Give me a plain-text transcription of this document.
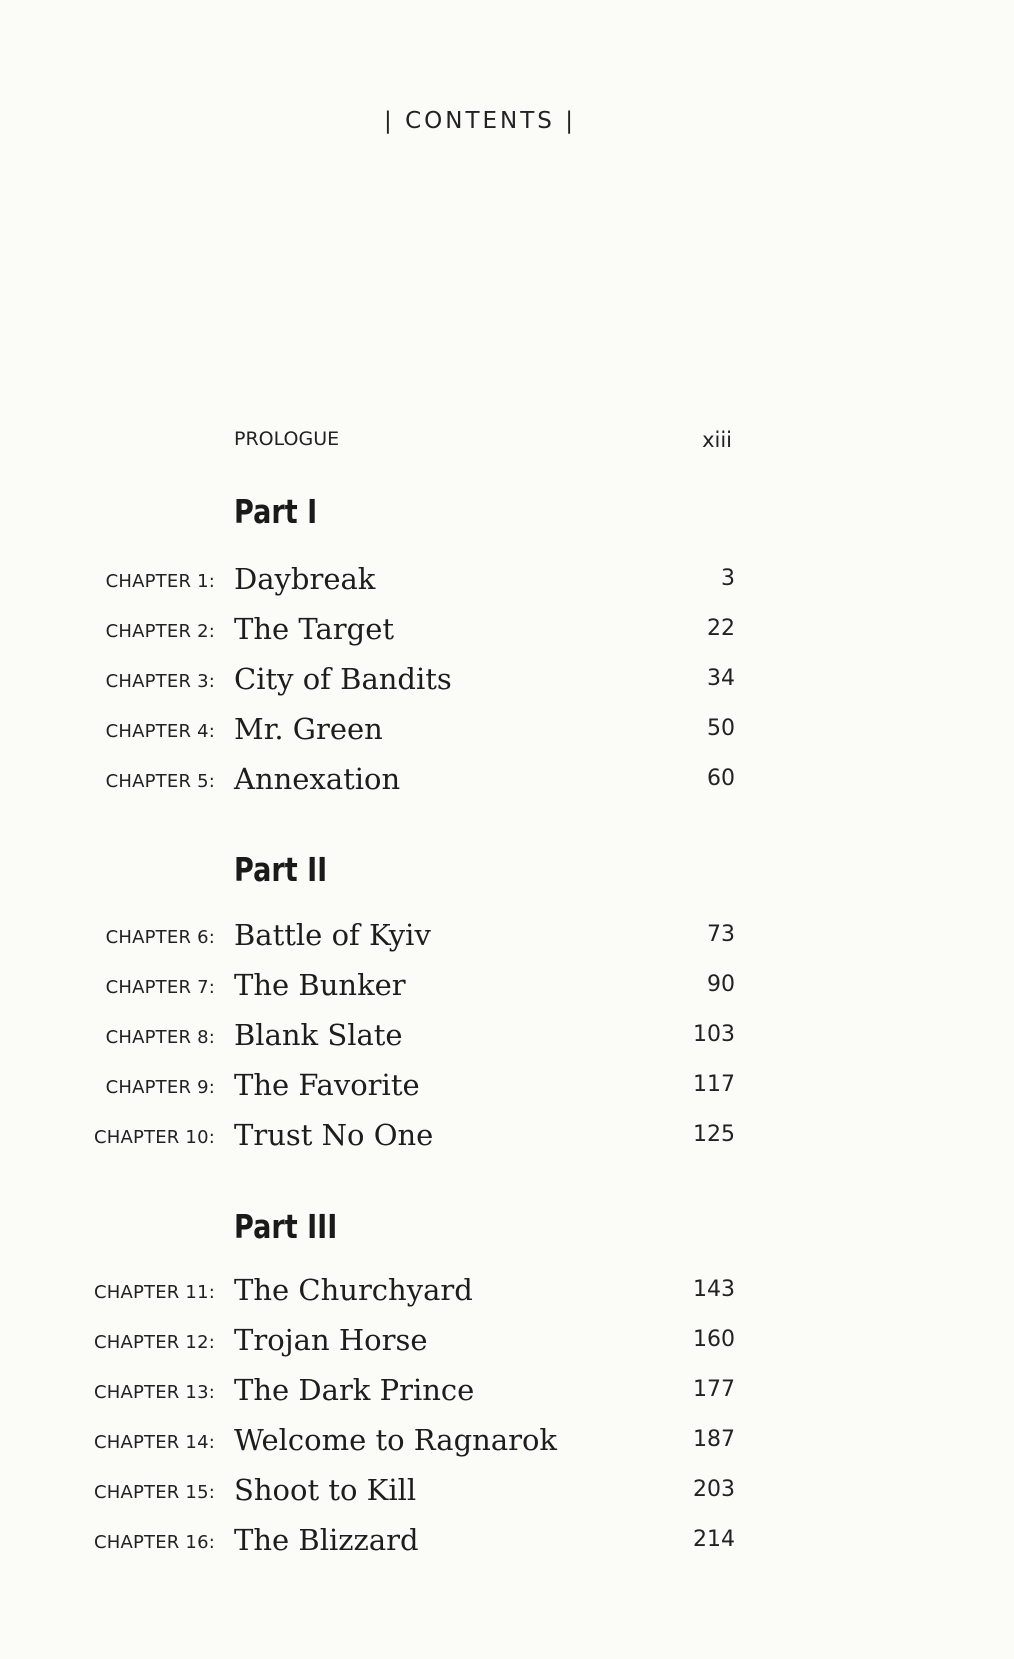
| CONTENTS |
PROLOGUE	xiii
Part I
CHAPTER 1: Daybreak	3
CHAPTER 2: The Target	22
CHAPTER 3: City of Bandits	34
CHAPTER 4: Mr. Green	50
CHAPTER 5: Annexation	60
Part II
CHAPTER 6: Battle of Kyiv	73
CHAPTER 7: The Bunker	90
CHAPTER 8: Blank Slate	103
CHAPTER 9: The Favorite	117
CHAPTER 10: Trust No One	125
Part III
CHAPTER 11: The Churchyard	143
CHAPTER 12: Trojan Horse	160
CHAPTER 13: The Dark Prince	177
CHAPTER 14: Welcome to Ragnarok	187
CHAPTER 15: Shoot to Kill	203
CHAPTER 16: The Blizzard	214
